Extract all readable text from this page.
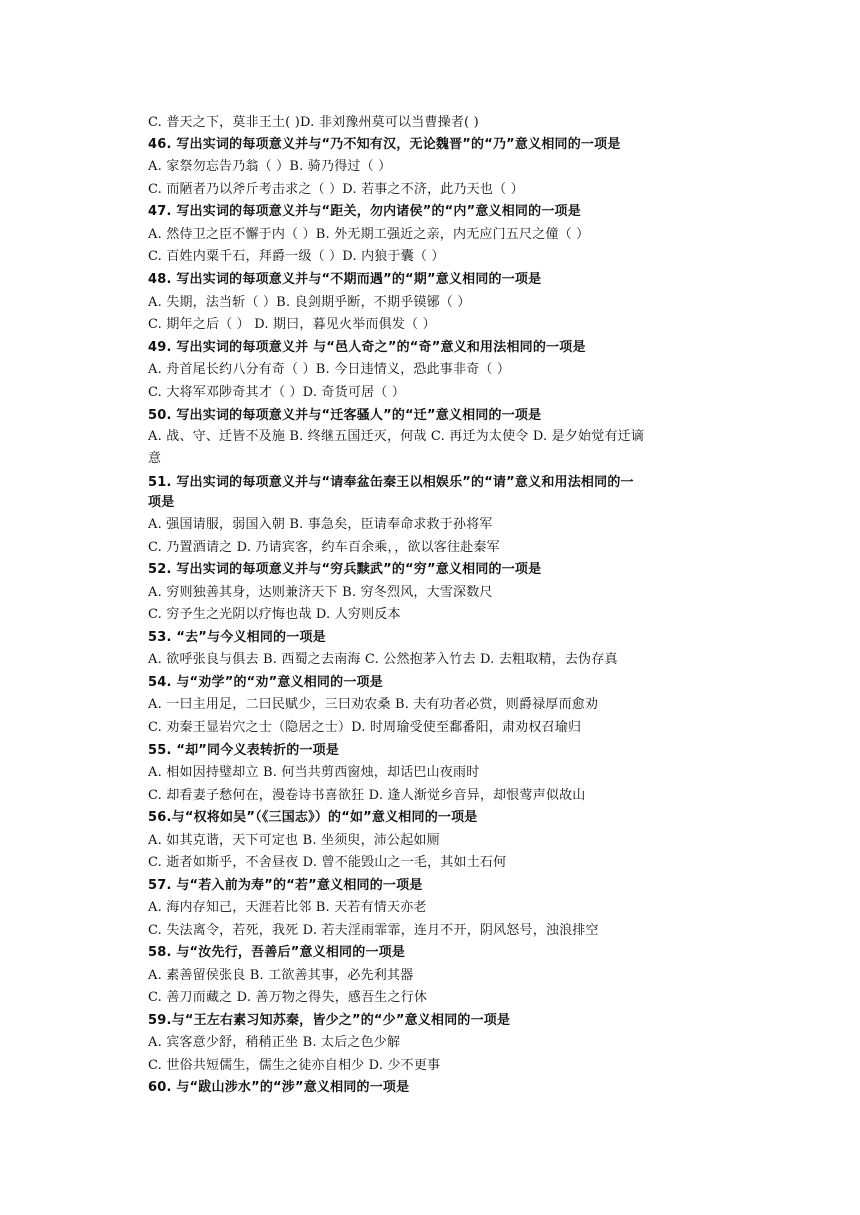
C. 普天之下，莫非王土( )D. 非刘豫州莫可以当曹操者( )
46. 写出实词的每项意义并与“乃不知有汉，无论魏晋”的“乃”意义相同的一项是
A. 家祭勿忘告乃翁（ ）B. 骑乃得过（ ）
C. 而陋者乃以斧斤考击求之（ ）D. 若事之不济，此乃天也（ ）
47. 写出实词的每项意义并与“距关，勿内诸侯”的“内”意义相同的一项是
A. 然侍卫之臣不懈于内（ ）B. 外无期工强近之亲，内无应门五尺之僮（ ）
C. 百姓内粟千石，拜爵一级（ ）D. 内狼于囊（ ）
48. 写出实词的每项意义并与“不期而遇”的“期”意义相同的一项是
A. 失期，法当斩（ ）B. 良剑期乎断，不期乎镆铘（ ）
C. 期年之后（ ） D. 期曰，暮见火举而俱发（ ）
49. 写出实词的每项意义并 与“邑人奇之”的“奇”意义和用法相同的一项是
A. 舟首尾长约八分有奇（ ）B. 今日违情义，恐此事非奇（ ）
C. 大将军邓陟奇其才（ ）D. 奇货可居（ ）
50. 写出实词的每项意义并与“迁客骚人”的“迁”意义相同的一项是
A. 战、守、迁皆不及施 B. 终继五国迁灭，何哉 C. 再迁为太使令 D. 是夕始觉有迁谪
意
51. 写出实词的每项意义并与“请奉盆缶秦王以相娱乐”的“请”意义和用法相同的一
项是
A. 强国请服，弱国入朝 B. 事急矣，臣请奉命求救于孙将军
C. 乃置酒请之 D. 乃请宾客，约车百余乘，，欲以客往赴秦军
52. 写出实词的每项意义并与“穷兵黩武”的“穷”意义相同的一项是
A. 穷则独善其身，达则兼济天下 B. 穷冬烈风，大雪深数尺
C. 穷予生之光阴以疗悔也哉 D. 人穷则反本
53. “去”与今义相同的一项是
A. 欲呼张良与俱去 B. 西蜀之去南海 C. 公然抱茅入竹去 D. 去粗取精，去伪存真
54. 与“劝学”的“劝”意义相同的一项是
A. 一曰主用足，二曰民赋少，三曰劝农桑 B. 夫有功者必赏，则爵禄厚而愈劝
C. 劝秦王显岩穴之士（隐居之士）D. 时周瑜受使至鄱番阳，肃劝权召瑜归
55. “却”同今义表转折的一项是
A. 相如因持璧却立 B. 何当共剪西窗烛，却话巴山夜雨时
C. 却看妻子愁何在，漫卷诗书喜欲狂 D. 逢人渐觉乡音异，却恨莺声似故山
56.与“权将如吴”（《三国志》）的“如”意义相同的一项是
A. 如其克谐，天下可定也 B. 坐须臾，沛公起如厕
C. 逝者如斯乎，不舍昼夜 D. 曾不能毁山之一毛，其如土石何
57. 与“若入前为寿”的“若”意义相同的一项是
A. 海内存知己，天涯若比邻 B. 天若有情天亦老
C. 失法离令，若死，我死 D. 若夫淫雨霏霏，连月不开，阴风怒号，浊浪排空
58. 与“汝先行，吾善后”意义相同的一项是
A. 素善留侯张良 B. 工欲善其事，必先利其器
C. 善刀而藏之 D. 善万物之得失，感吾生之行休
59.与“王左右素习知苏秦，皆少之”的“少”意义相同的一项是
A. 宾客意少舒，稍稍正坐 B. 太后之色少解
C. 世俗共短儒生，儒生之徒亦自相少 D. 少不更事
60. 与“跋山涉水”的“涉”意义相同的一项是
